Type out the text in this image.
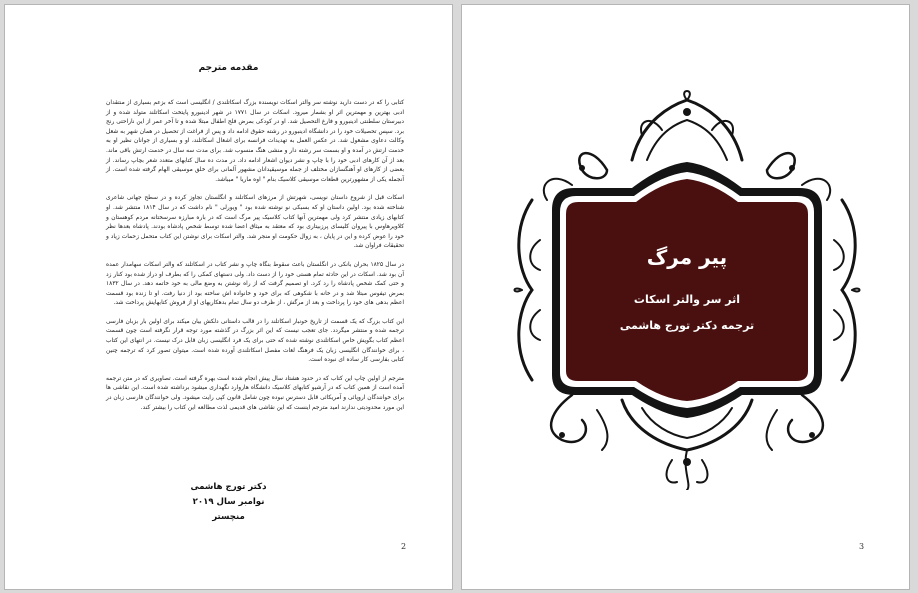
مقدمه مترجم

کتابی را که در دست دارید نوشته سر والتر اسکات نویسنده بزرگ اسکاتلندی / انگلیسی است که بزعم بسیاری از منتقدان ادبی بهترین و مهمترین اثر او بشمار میرود. اسکات در سال ۱۷۷۱ در شهر ادینبورو پایتخت اسکاتلند متولد شده و از دبیرستان سلطنتی ادینبورو و فارغ التحصیل شد. او در کودکی بمرض فلج اطفال مبتلا شده و تا آخر عمر از این ناراحتی رنج برد. سپس تحصیلات خود را در دانشگاه ادینبورو در رشته حقوق ادامه داد و پس از فراغت از تحصیل در همان شهر به شغل وکالت دعاوی مشغول شد. در عکس العمل به تهدیدات فرانسه برای اشغال اسکاتلند، او و بسیاری از جوانان نظیر او به خدمت ارتش در آمده و او بسمت سر رشته دار و منشی هنگ منسوب شد. برای مدت سه سال در خدمت ارتش باقی ماند. بعد از آن کارهای ادبی خود را با چاپ و نشر دیوان اشعار ادامه داد. در مدت ده سال کتابهای متعدد شعر بچاپ رساند. از بعضی از کارهای او آهنگسازان مختلف از جمله موسیقیدانان مشهور آلمانی برای خلق موسیقی الهام گرفته شده است. از آنجمله یکی از مشهورترین قطعات موسیقی کلاسیک بنام " اوه ماریا " میباشد.

اسکات قبل از شروع داستان نویسی، شهرتش از مرزهای اسکاتلند و انگلستان تجاوز کرده و در سطح جهانی شاعری شناخته شده بود. اولین داستان او که بسبکی نو نوشته شده بود " ویورلی " نام داشت که در سال ۱۸۱۴ منتشر شد. او کتابهای زیادی منتشر کرد ولی مهمترین آنها کتاب کلاسیک پیر مرگ است که در باره مبارزه سرسختانه مردم کوهستان و کلاویرهاوس با پیروان کلیسای پرزبیتاری بود که معتقد به میثاق اعضا شده توسط شخص پادشاه بودند. پادشاه بعدها نظر خود را عوض کرده و این در پایان ، به زوال حکومت او منجر شد. والتر اسکات برای نوشتن این کتاب متحمل زحمات زیاد و تحقیقات فراوان شد.

در سال ۱۸۲۵ بحران بانکی در انگلستان باعث سقوط بنگاه چاپ و نشر کتاب در اسکاتلند که والتر اسکات سهامدار عمده آن بود شد. اسکات در این حادثه تمام هستی خود را از دست داد. ولی دستهای کمکی را که بطرف او دراز شده بود کنار زد و حتی کمک شخص پادشاه را رد کرد. او تصمیم گرفت که از راه نوشتن به وضع مالی به خود خاتمه دهد. در سال ۱۸۳۲ بمرض تیفوس مبتلا شد و در خانه با شکوهی که برای خود و خانواده اش ساخته بود از دنیا رفت. او تا زنده بود قسمت اعظم بدهی های خود را پرداخت و بعد از مرگش ، از ظرف دو سال تمام بدهکاریهای او از فروش کتابهایش پرداخت شد.

این کتاب بزرگ که یک قسمت از تاریخ خونبار اسکاتلند را در قالب داستانی دلکش بیان میکند برای اولین بار بزبان فارسی ترجمه شده و منتشر میگردد. جای تعجب نیست که این اثر بزرگ در گذشته مورد توجه قرار نگرفته است چون قسمت اعظم کتاب بگویش خاص اسکاتلندی نوشته شده که حتی برای یک فرد انگلیسی زبان قابل درک نیست. در انتهای این کتاب ، برای خوانندگان انگلیسی زبان یک فرهنگ لغات مفصل اسکاتلندی آورده شده است. میتوان تصور کرد که ترجمه چنین کتابی بفارسی کار ساده ای نبوده است.

مترجم از اولین چاپ این کتاب که در حدود هشتاد سال پیش انجام شده است بهره گرفته است. تصاویری که در متن ترجمه آمده است از همین کتاب که در آرشیو کتابهای کلاسیک دانشگاه هاروارد نگهداری میشود برداشته شده است. این نقاشی ها برای خوانندگان اروپائی و آمریکائی قابل دسترس نبوده چون شامل قانون کپی رایت میشود. ولی خوانندگان فارسی زبان در این مورد محدودیتی ندارند امید مترجم اینست که این نقاشی های قدیمی لذت مطالعه این کتاب را بیشتر کند.

دکتر تورج هاشمی
نوامبر سال ۲۰۱۹
منچستر
2
پیر مرگ
اثر سر والتر اسکات
ترجمه دکتر تورج هاشمی
3
